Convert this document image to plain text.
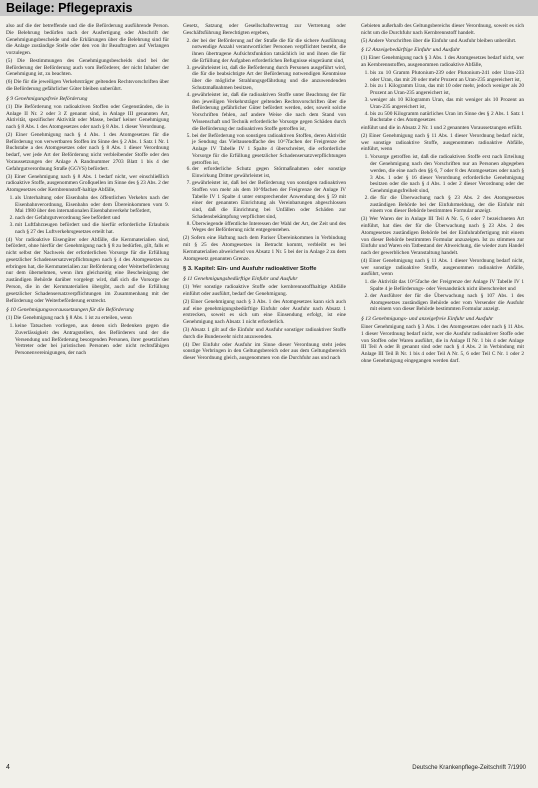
Beilage: Pflegepraxis

also auf die der betreffende und die die Beförderung ausführende Person. Die Belehrung bedürfen nach der Ausfertigung oder Abschrift der Genehmigungsbescheide und die Erklärungen über die Belehrung sind für die Anlage zuständige Stelle oder den von ihr Beauftragten auf Verlangen vorzulegen.

(5) Die Bestimmungen des Genehmigungsbescheids sind bei der Beförderung der Beförderung auch vom Beförderer, der nicht Inhaber der Genehmigung ist, zu beachten.

(6) Die für die jeweiligen Verkehrsträger geltenden Rechtsvorschriften über die Beförderung gefährlicher Güter bleiben unberührt.

§ 9 Genehmigungsfreie Beförderung

(1) Die Beförderung von radioaktiven Stoffen oder Gegenständen, die in Anlage II Nr. 2 oder 3 Z genannt sind, in Anlage III genannten Art, Aktivität, spezifischer Aktivität oder Masse, bedarf keiner Genehmigung nach § 8 Abs. 1 des Atomgesetzes oder nach § 8 Abs. 1 dieser Verordnung.

(2) Einer Genehmigung nach § 4 Abs. 1 des Atomgesetzes für die Beförderung von verwertbaren Stoffen im Sinne des § 2 Abs. 1 Satz 1 Nr. 1 Buchstabe a des Atomgesetzes oder nach § 8 Abs. 1 dieser Verordnung bedarf, wer jede Art der Beförderung nicht verbleibender Stoffe oder den Voraussetzungen der Anlage A Randnummer 2703 Blatt 1 bis 4 der Gefahrgutverordnung Straße (GGVS) befördert.

(3) Einer Genehmigung nach § 8 Abs. 1 bedarf nicht, wer einschließlich radioaktive Stoffe, ausgenommen Großquellen im Sinne des § 23 Abs. 2 der Atomgesetzes oder Kernbrennstoff-haltige Abfälle,

1. als Unterhaltung oder Eisenbahn des öffentlichen Verkehrs nach der Eisenbahnverordnung, Eisenbahn oder dem Übereinkommen vom 9. Mai 1980 über den internationalen Eisenbahnverkehr befördert,
2. nach der Gefahrgutverordnung See befördert und
3. mit Luftfahrzeugen befördert und die hierfür erforderliche Erlaubnis nach § 27 des Luftverkehrsgesetzes erteilt hat.

(4) Vor radioaktive Eisengüter oder Abfälle, die Kernmaterialien sind, befördert, ohne hierfür der Genehmigung nach § 8 zu bedürfen, gilt, falls er nicht selbst der Nachweis der erforderlichen Vorsorge für die Erfüllung gesetzlicher Schadensersatzverpflichtungen nach § 4 des Atomgesetzes zu erbringen hat, die Kernmaterialien zur Beförderung oder Weiterbeförderung nur dem übernehmen, wenn ihm gleichzeitig eine Bescheinigung der zuständigen Behörde darüber vorgelegt wird, daß sich die Vorsorge der Person, die in der Kernmaterialien übergibt, auch auf die Erfüllung gesetzlicher Schadensersatzverpflichtungen im Zusammenhang mit der Beförderung oder Weiterbeförderung erstreckt.

§ 10 Genehmigungsvoraussetzungen für die Beförderung

(1) Die Genehmigung nach § 8 Abs. 1 ist zu erteilen, wenn

1. keine Tatsachen vorliegen, aus denen sich Bedenken gegen die Zuverlässigkeit des Antragstellers, des Beförderers und der die Versendung und Beförderung besorgenden Personen, ihrer gesetzlichen Vertreter oder bei juristischen Personen oder nicht rechtsfähigen Personenvereinigungen, der nach

Gesetz, Satzung oder Gesellschaftsvertrag zur Vertretung oder Geschäftsführung Berechtigten ergeben,

2. der bei der Beförderung auf der Straße die für die sichere Ausführung notwendige Anzahl verantwortlicher Personen verpflichtet besteht, die ihnen übertragene Aufsichtsfunktion tatsächlich ist und ihnen die für die Erfüllung der Aufgaben erforderlichen Befugnisse eingeräumt sind,
3. gewährleistet ist, daß die Beförderung durch Personen ausgeführt wird, die für die beabsichtigte Art der Beförderung notwendigen Kenntnisse über die mögliche Strahlungsgefährdung und die anzuwendenden Schutzmaßnahmen besitzen,
4. gewährleistet ist, daß die radioaktiven Stoffe unter Beachtung der für den jeweiligen Verkehrsträger geltenden Rechtsvorschriften über die Beförderung gefährlicher Güter befördert werden, oder, soweit solche Vorschriften fehlen, auf andere Weise die nach dem Stand von Wissenschaft und Technik erforderliche Vorsorge gegen Schäden durch die Beförderung der radioaktiven Stoffe getroffen ist,
5. bei der Beförderung von sonstigen radioaktiven Stoffen, deren Aktivität je Sendung das Vieltausendfache des 10^7fachen der Freigrenze der Anlage IV Tabelle IV 1 Spalte 4 überschreitet, die erforderliche Vorsorge für die Erfüllung gesetzlicher Schadensersatzverpflichtungen getroffen ist,
6. der erforderliche Schutz gegen Störmaßnahmen oder sonstige Einwirkung Dritter gewährleistet ist,
7. gewährleistet ist, daß bei der Beförderung von sonstigen radioaktiven Stoffen von mehr als dem 10^9fachen der Freigrenze der Anlage IV Tabelle IV 1 Spalte 4 unter entsprechender Anwendung des § 59 mit einer der genannten Einrichtung als Vereinbarungen abgeschlossen sind, daß die Einrichtung bei Unfällen oder Schäden zur Schadensbekämpfung verpflichtet sind,
8. Überwiegende öffentliche Interessen der Wahl der Art, der Zeit und des Weges der Beförderung nicht entgegenstehen.

(2) Sofern eine Haftung nach dem Pariser Übereinkommen in Verbindung mit § 25 des Atomgesetzes in Betracht kommt, verbleibt es bei Kernmaterialien abweichend von Absatz 1 Nr. 5 bei der in Anlage 2 zu dem Atomgesetz genannten Grenze.

§ 3. Kapitel: Ein- und Ausfuhr radioaktiver Stoffe
§ 11 Genehmigungsbedürftige Einfuhr und Ausfuhr

(1) Wer sonstige radioaktive Stoffe oder kernbrennstoffhaltige Abfälle einführt oder ausführt, bedarf der Genehmigung.

(2) Einer Genehmigung nach § 3 Abs. 1 des Atomgesetzes kann sich auch auf eine genehmigungsbedürftige Einfuhr oder Ausfuhr nach Absatz 1 erstrecken, soweit es sich um eine Einsendung erfolgt, ist eine Genehmigung nach Absatz 1 nicht erforderlich.

(3) Absatz 1 gilt auf die Einfuhr und Ausfuhr sonstiger radioaktiver Stoffe durch die Bundeswehr nicht anzuwenden.

(4) Der Einfuhr oder Ausfuhr im Sinne dieser Verordnung steht jedes sonstige Verbringen in den Geltungsbereich oder aus dem Geltungsbereich dieser Verordnung gleich, ausgenommen von die Durchfuhr aus und nach

Gebieten außerhalb des Geltungsbereichs dieser Verordnung, soweit es sich nicht um die Durchfuhr nach Kernbrennstoff handelt.

(5) Andere Vorschriften über die Einfuhr und Ausfuhr bleiben unberührt.

§ 12 Anzeigebedürftige Einfuhr und Ausfuhr

(1) Einer Genehmigung nach § 3 Abs. 1 des Atomgesetzes bedarf nicht, wer an Kernbrennstoffen, ausgenommen radioaktive Abfälle,

1. bis zu 10 Gramm Plutonium-239 oder Plutonium-241 oder Uran-233 oder Uran, das mit 20 oder mehr Prozent an Uran-235 angereichert ist,
2. bis zu 1 Kilogramm Uran, das mit 10 oder mehr, jedoch weniger als 20 Prozent an Uran-235 angereichert ist,
3. weniger als 10 Kilogramm Uran, das mit weniger als 10 Prozent an Uran-235 angereichert ist,
4. bis zu 500 Kilogramm natürliches Uran im Sinne des § 2 Abs. 1 Satz 1 Buchstabe c des Atomgesetzes

einführt und die in Absatz 2 Nr. 1 und 2 genannten Voraussetzungen erfüllt.

(2) Einer Genehmigung nach § 11 Abs. 1 dieser Verordnung bedarf nicht, wer sonstige radioaktive Stoffe, ausgenommen radioaktive Abfälle, einführt, wenn

1. Vorsorge getroffen ist, daß die radioaktiven Stoffe erst nach Erteilung der Genehmigung nach den Vorschriften nur an Personen abgegeben werden, die eine nach den §§ 6, 7 oder 8 des Atomgesetzes oder nach § 3 Abs. 1 oder § 16 dieser Verordnung erforderliche Genehmigung besitzen oder die nach § 4 Abs. 1 oder 2 dieser Verordnung oder der Genehmigungsfreiheit sind,
2. die für die Überwachung nach § 23 Abs. 2 des Atomgesetzes zuständigen Behörde bei der Einfuhrmeldung, der die Einfuhr mit einem von dieser Behörde bestimmten Formular anzeigt.

(3) Wer Waren der in Anlage III Teil A Nr. 5, 6 oder 7 bezeichneten Art einführt, hat dies der für die Überwachung nach § 23 Abs. 2 des Atomgesetzes zuständigen Behörde bei der Einfuhrabfertigung mit einem von dieser Behörde bestimmten Formular anzuzeigen. Ist zu stimmen zur Einfuhr und Waren ein Tatbestand der Abweichung, die wieder zum Handel nach der gewerblichen Veranstaltung handelt.

(4) Einer Genehmigung nach § 11 Abs. 1 dieser Verordnung bedarf nicht, wer sonstige radioaktive Stoffe, ausgenommen radioaktive Abfälle, ausführt, wenn

1. die Aktivität das 10^5fache der Freigrenze der Anlage IV Tabelle IV 1 Spalte 4 je Beförderungs- oder Versandstück nicht überschreitet und
2. der Ausführer der für die Überwachung nach § 107 Abs. 1 des Atomgesetzes zuständigen Behörde oder vom Versender die Ausfuhr mit einem von dieser Behörde bestimmten Formular anzeigt.
§ 13 Genehmigungs- und anzeigefreie Einfuhr und Ausfuhr

Einer Genehmigung nach § 3 Abs. 1 des Atomgesetzes oder nach § 11 Abs. 1 dieser Verordnung bedarf nicht, wer die Ausfuhr radioaktiver Stoffe oder von Stoffen oder Waren ausführt, die in Anlage II Nr. 1 bis 4 oder Anlage III Teil A oder B genannt sind oder nach § 4 Abs. 2 in Verbindung mit Anlage III Teil B Nr. 1 bis 4 oder Teil A Nr. 5, 6 oder Teil C Nr. 1 oder 2 ohne Genehmigung eingegangen werden darf.

4	Deutsche Krankenpflege-Zeitschrift 7/1990
